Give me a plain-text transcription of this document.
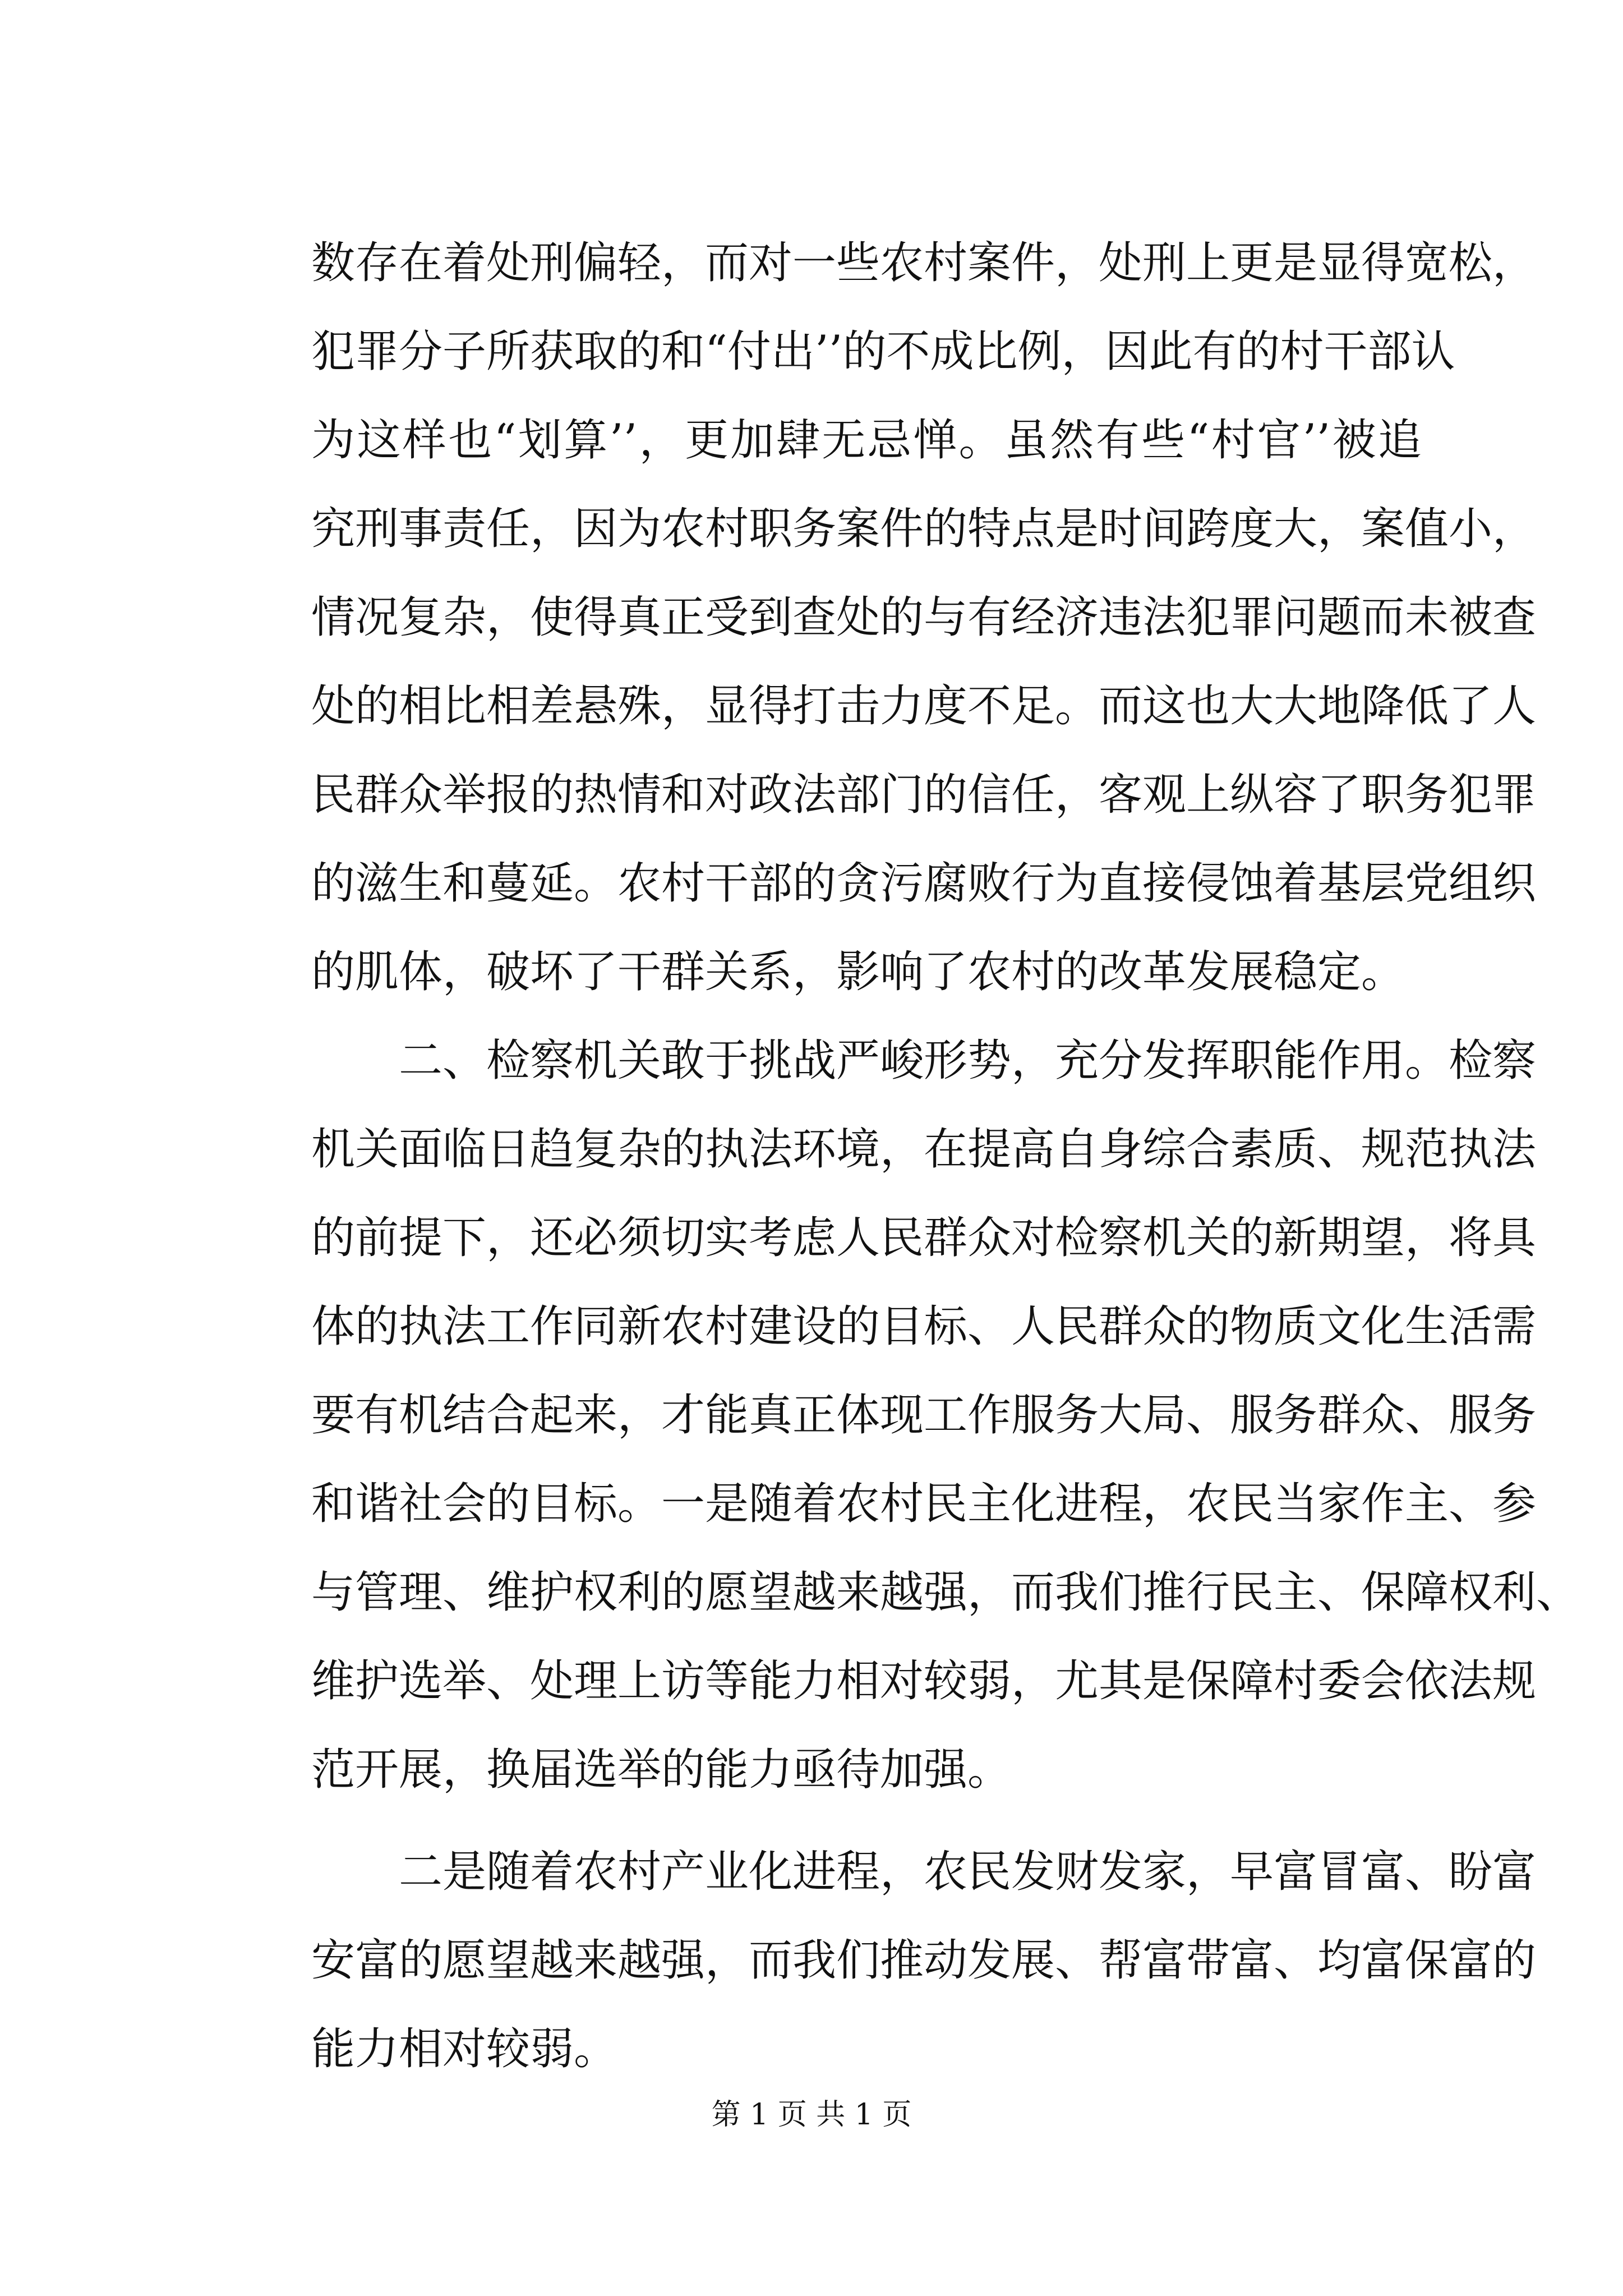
数存在着处刑偏轻，而对一些农村案件，处刑上更是显得宽松，
犯罪分子所获取的和“付出’’的不成比例，因此有的村干部认
为这样也“划算’’，更加肆无忌惮。虽然有些“村官’’被追
究刑事责任，因为农村职务案件的特点是时间跨度大，案值小，
情况复杂，使得真正受到查处的与有经济违法犯罪问题而未被查
处的相比相差悬殊，显得打击力度不足。而这也大大地降低了人
民群众举报的热情和对政法部门的信任，客观上纵容了职务犯罪
的滋生和蔓延。农村干部的贪污腐败行为直接侵蚀着基层党组织
的肌体，破坏了干群关系，影响了农村的改革发展稳定。
　　二、检察机关敢于挑战严峻形势，充分发挥职能作用。检察
机关面临日趋复杂的执法环境，在提高自身综合素质、规范执法
的前提下，还必须切实考虑人民群众对检察机关的新期望，将具
体的执法工作同新农村建设的目标、人民群众的物质文化生活需
要有机结合起来，才能真正体现工作服务大局、服务群众、服务
和谐社会的目标。一是随着农村民主化进程，农民当家作主、参
与管理、维护权利的愿望越来越强，而我们推行民主、保障权利、
维护选举、处理上访等能力相对较弱，尤其是保障村委会依法规
范开展，换届选举的能力亟待加强。
　　二是随着农村产业化进程，农民发财发家，早富冒富、盼富
安富的愿望越来越强，而我们推动发展、帮富带富、均富保富的
能力相对较弱。
第 1 页 共 1 页
